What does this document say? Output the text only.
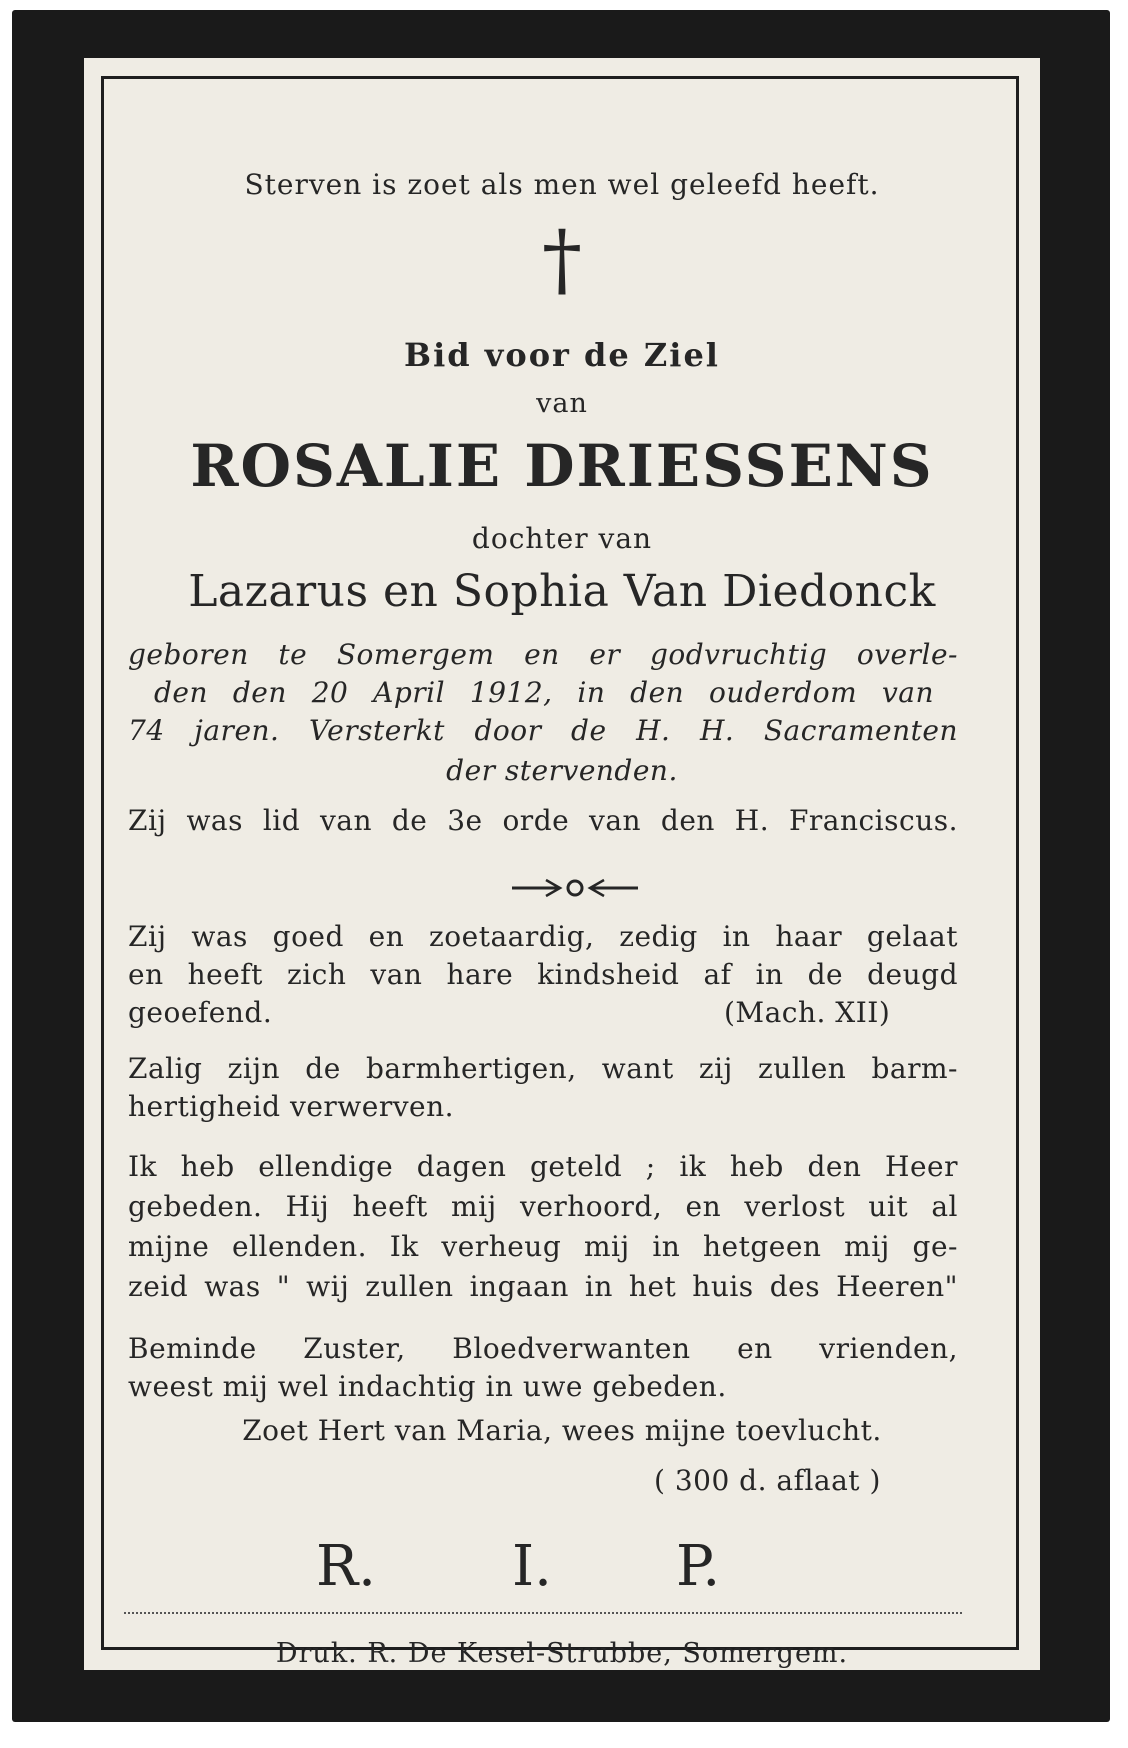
Sterven is zoet als men wel geleefd heeft.
†
Bid voor de Ziel
van
ROSALIE DRIESSENS
dochter van
Lazarus en Sophia Van Diedonck
geboren te Somergem en er godvruchtig overle-
den den 20 April 1912, in den ouderdom van
74 jaren. Versterkt door de H. H. Sacramenten
der stervenden.
Zij was lid van de 3e orde van den H. Franciscus.
Zij was goed en zoetaardig, zedig in haar gelaat
en heeft zich van hare kindsheid af in de deugd
geoefend.	(Mach. XII)
Zalig zijn de barmhertigen, want zij zullen barm-
hertigheid verwerven.
Ik heb ellendige dagen geteld ; ik heb den Heer
gebeden. Hij heeft mij verhoord, en verlost uit al
mijne ellenden. Ik verheug mij in hetgeen mij ge-
zeid was " wij zullen ingaan in het huis des Heeren"
Beminde Zuster, Bloedverwanten en vrienden,
weest mij wel indachtig in uwe gebeden.
Zoet Hert van Maria, wees mijne toevlucht.
( 300 d. aflaat )
R. I. P.
Druk. R. De Kesel-Strubbe, Somergem.
